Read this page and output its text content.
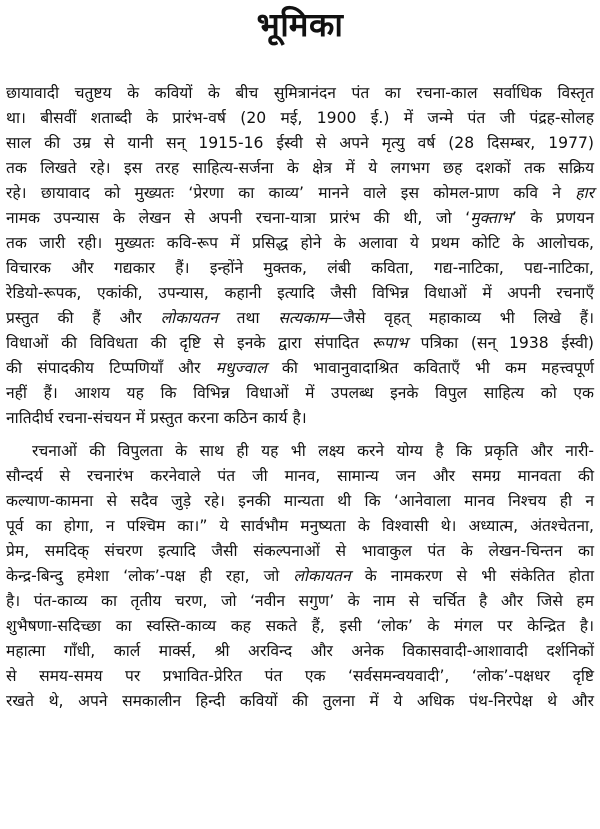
भूमिका
छायावादी चतुष्टय के कवियों के बीच सुमित्रानंदन पंत का रचना-काल सर्वाधिक विस्तृत
था। बीसवीं शताब्दी के प्रारंभ-वर्ष (20 मई, 1900 ई.) में जन्मे पंत जी पंद्रह-सोलह
साल की उम्र से यानी सन् 1915-16 ईस्वी से अपने मृत्यु वर्ष (28 दिसम्बर, 1977)
तक लिखते रहे। इस तरह साहित्य-सर्जना के क्षेत्र में ये लगभग छह दशकों तक सक्रिय
रहे। छायावाद को मुख्यतः ‘प्रेरणा का काव्य’ मानने वाले इस कोमल-प्राण कवि ने हार
नामक उपन्यास के लेखन से अपनी रचना-यात्रा प्रारंभ की थी, जो ‘मुक्ताभ’ के प्रणयन
तक जारी रही। मुख्यतः कवि-रूप में प्रसिद्ध होने के अलावा ये प्रथम कोटि के आलोचक,
विचारक और गद्यकार हैं। इन्होंने मुक्तक, लंबी कविता, गद्य-नाटिका, पद्य-नाटिका,
रेडियो-रूपक, एकांकी, उपन्यास, कहानी इत्यादि जैसी विभिन्न विधाओं में अपनी रचनाएँ
प्रस्तुत की हैं और लोकायतन तथा सत्यकाम—जैसे वृहत् महाकाव्य भी लिखे हैं।
विधाओं की विविधता की दृष्टि से इनके द्वारा संपादित रूपाभ पत्रिका (सन् 1938 ईस्वी)
की संपादकीय टिप्पणियाँ और मधुज्वाल की भावानुवादाश्रित कविताएँ भी कम महत्त्वपूर्ण
नहीं हैं। आशय यह कि विभिन्न विधाओं में उपलब्ध इनके विपुल साहित्य को एक
नातिदीर्घ रचना-संचयन में प्रस्तुत करना कठिन कार्य है।
रचनाओं की विपुलता के साथ ही यह भी लक्ष्य करने योग्य है कि प्रकृति और नारी-
सौन्दर्य से रचनारंभ करनेवाले पंत जी मानव, सामान्य जन और समग्र मानवता की
कल्याण-कामना से सदैव जुड़े रहे। इनकी मान्यता थी कि ‘आनेवाला मानव निश्चय ही न
पूर्व का होगा, न पश्चिम का।” ये सार्वभौम मनुष्यता के विश्वासी थे। अध्यात्म, अंतश्चेतना,
प्रेम, समदिक् संचरण इत्यादि जैसी संकल्पनाओं से भावाकुल पंत के लेखन-चिन्तन का
केन्द्र-बिन्दु हमेशा ‘लोक’-पक्ष ही रहा, जो लोकायतन के नामकरण से भी संकेतित होता
है। पंत-काव्य का तृतीय चरण, जो ‘नवीन सगुण’ के नाम से चर्चित है और जिसे हम
शुभैषणा-सदिच्छा का स्वस्ति-काव्य कह सकते हैं, इसी ‘लोक’ के मंगल पर केन्द्रित है।
महात्मा गाँधी, कार्ल मार्क्स, श्री अरविन्द और अनेक विकासवादी-आशावादी दर्शनिकों
से समय-समय पर प्रभावित-प्रेरित पंत एक ‘सर्वसमन्वयवादी’, ‘लोक’-पक्षधर दृष्टि
रखते थे, अपने समकालीन हिन्दी कवियों की तुलना में ये अधिक पंथ-निरपेक्ष थे और
